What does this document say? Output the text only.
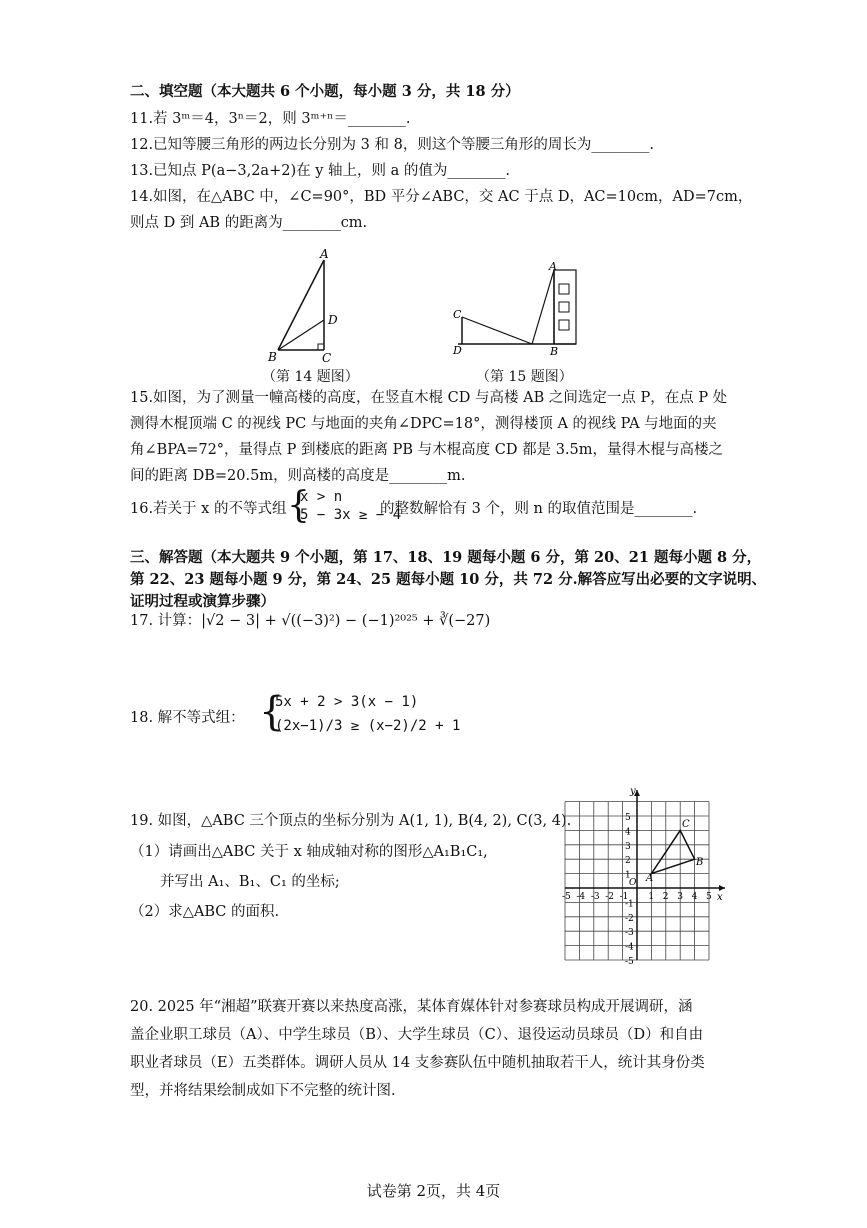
二、填空题（本大题共 6 个小题，每小题 3 分，共 18 分）
11.若 3ᵐ＝4，3ⁿ＝2，则 3ᵐ⁺ⁿ＝________.
12.已知等腰三角形的两边长分别为 3 和 8，则这个等腰三角形的周长为________.
13.已知点 P(a−3,2a+2)在 y 轴上，则 a 的值为________.
14.如图，在△ABC 中，∠C=90°，BD 平分∠ABC，交 AC 于点 D，AC=10cm，AD=7cm，
则点 D 到 AB 的距离为________cm.
A
B	C
D
（第 14 题图）
C
D
A
B
（第 15 题图）
15.如图，为了测量一幢高楼的高度，在竖直木棍 CD 与高楼 AB 之间选定一点 P，在点 P 处
测得木棍顶端 C 的视线 PC 与地面的夹角∠DPC=18°，测得楼顶 A 的视线 PA 与地面的夹
角∠BPA=72°，量得点 P 到楼底的距离 PB 与木棍高度 CD 都是 3.5m，量得木棍与高楼之
间的距离 DB=20.5m，则高楼的高度是________m.
16.若关于 x 的不等式组 {
x > n
5 − 3x ≥ − 4
的整数解恰有 3 个，则 n 的取值范围是________.
三、解答题（本大题共 9 个小题，第 17、18、19 题每小题 6 分，第 20、21 题每小题 8 分，
第 22、23 题每小题 9 分，第 24、25 题每小题 10 分，共 72 分.解答应写出必要的文字说明、
证明过程或演算步骤）
17. 计算：|√2 − 3| + √((−3)²) − (−1)²⁰²⁵ + ∛(−27)
18. 解不等式组： {
5x + 2 > 3(x − 1)
(2x−1)/3 ≥ (x−2)/2 + 1
19. 如图，△ABC 三个顶点的坐标分别为 A(1, 1), B(4, 2), C(3, 4).
（1）请画出△ABC 关于 x 轴成轴对称的图形△A₁B₁C₁,
并写出 A₁、B₁、C₁ 的坐标;
（2）求△ABC 的面积.
x
y
O
-5 -4 -3 -2 -1 1 2 3 4 5
5
4
3
2
1
-1
-2
-3
-4
-5
A
B
C
20. 2025 年“湘超”联赛开赛以来热度高涨，某体育媒体针对参赛球员构成开展调研，涵
盖企业职工球员（A）、中学生球员（B）、大学生球员（C）、退役运动员球员（D）和自由
职业者球员（E）五类群体。调研人员从 14 支参赛队伍中随机抽取若干人，统计其身份类
型，并将结果绘制成如下不完整的统计图.
试卷第 2页，共 4页
